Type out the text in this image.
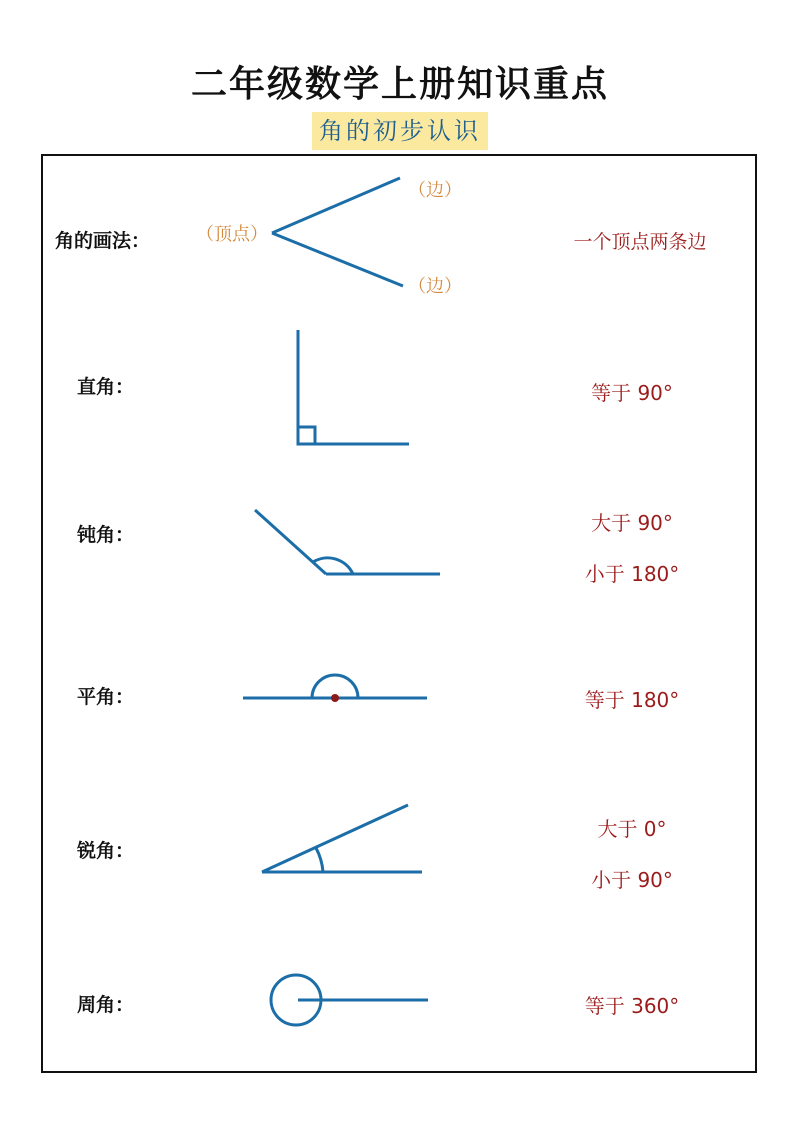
二年级数学上册知识重点
角的初步认识
角的画法：
直角：
钝角：
平角：
锐角：
周角：
（顶点）
（边）
（边）
一个顶点两条边
等于 90°
大于 90°
小于 180°
等于 180°
大于 0°
小于 90°
等于 360°
